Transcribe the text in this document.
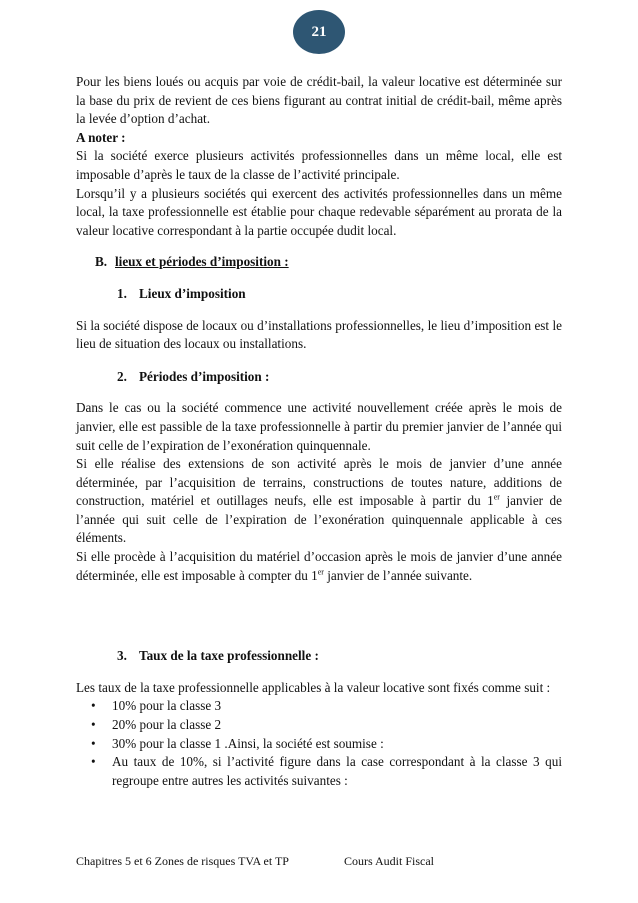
21

Pour les biens loués ou acquis par voie de crédit-bail, la valeur locative est déterminée sur la base du prix de revient de ces biens figurant au contrat initial de crédit-bail, même après la levée d’option d’achat.

A noter :

Si la société exerce plusieurs activités professionnelles dans un même local, elle est imposable d’après le taux de la classe de l’activité principale.

Lorsqu’il y a plusieurs sociétés qui exercent des activités professionnelles dans un même local, la taxe professionnelle est établie pour chaque redevable séparément au prorata de la valeur locative correspondant à la partie occupée dudit local.

B. lieux et périodes d’imposition :
1. Lieux d’imposition

Si la société dispose de locaux ou d’installations professionnelles, le lieu d’imposition est le lieu de situation des locaux ou installations.

2. Périodes d’imposition :

Dans le cas ou la société commence une activité nouvellement créée après le mois de janvier, elle est passible de la taxe professionnelle à partir du premier janvier de l’année qui suit celle de l’expiration de l’exonération quinquennale.

Si elle réalise des extensions de son activité après le mois de janvier d’une année déterminée, par l’acquisition de terrains, constructions de toutes nature, additions de construction, matériel et outillages neufs, elle est imposable à partir du 1er janvier de l’année qui suit celle de l’expiration de l’exonération quinquennale applicable à ces éléments.

Si elle procède à l’acquisition du matériel d’occasion après le mois de janvier d’une année déterminée, elle est imposable à compter du 1er janvier de l’année suivante.

3. Taux de la taxe professionnelle :

Les taux de la taxe professionnelle applicables à la valeur locative sont fixés comme suit :

• 10% pour la classe 3
• 20% pour la classe 2
• 30% pour la classe 1 .Ainsi, la société est soumise :
• Au taux de 10%, si l’activité figure dans la case correspondant à la classe 3 qui regroupe entre autres les activités suivantes :
Chapitres 5 et 6 Zones de risques TVA et TP	Cours Audit Fiscal
